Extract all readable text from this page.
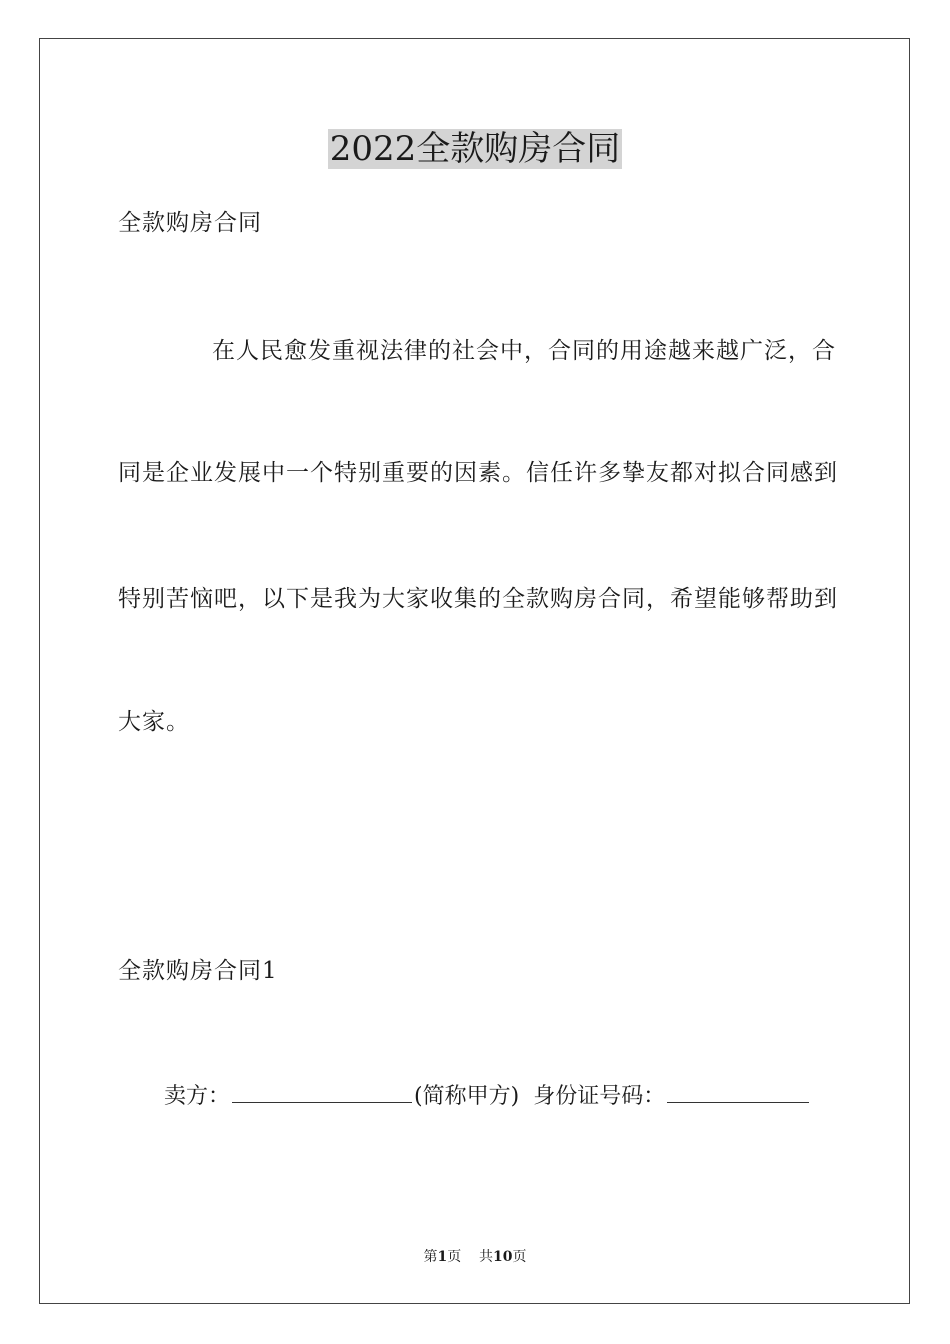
2022全款购房合同
全款购房合同
在人民愈发重视法律的社会中，合同的用途越来越广泛，合
同是企业发展中一个特别重要的因素。信任许多挚友都对拟合同感到
特别苦恼吧，以下是我为大家收集的全款购房合同，希望能够帮助到
大家。
全款购房合同1
卖方：	(简称甲方) 身份证号码：
第1页 共10页
